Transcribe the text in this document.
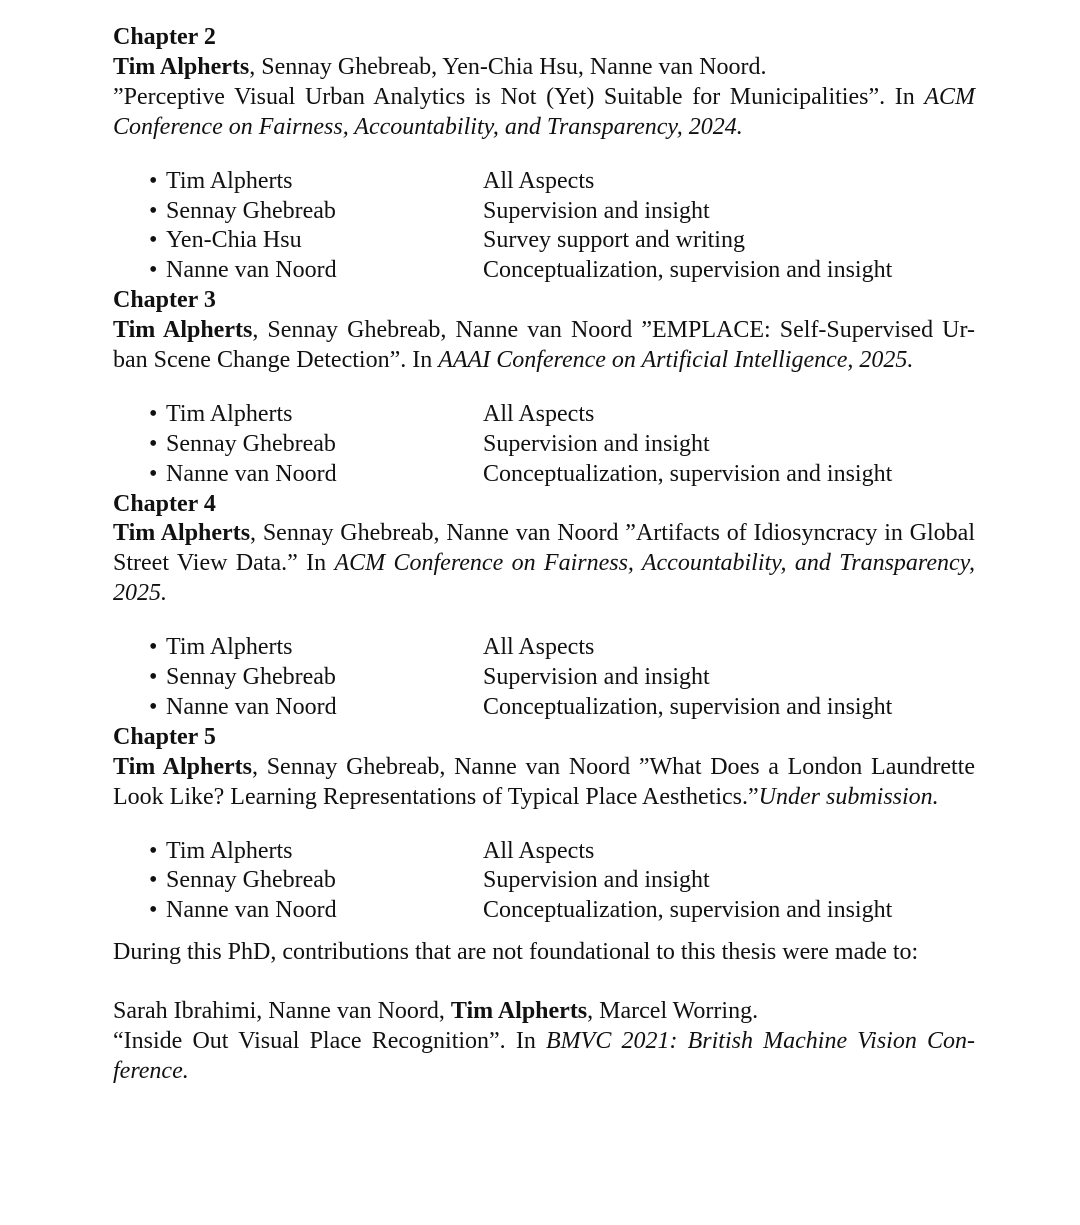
Chapter 2
Tim Alpherts, Sennay Ghebreab, Yen-Chia Hsu, Nanne van Noord.
”Perceptive Visual Urban Analytics is Not (Yet) Suitable for Municipalities”. In ACM
Conference on Fairness, Accountability, and Transparency, 2024.
• Tim Alpherts	All Aspects
• Sennay Ghebreab	Supervision and insight
• Yen-Chia Hsu	Survey support and writing
• Nanne van Noord	Conceptualization, supervision and insight
Chapter 3
Tim Alpherts, Sennay Ghebreab, Nanne van Noord ”EMPLACE: Self-Supervised Ur-
ban Scene Change Detection”. In AAAI Conference on Artificial Intelligence, 2025.
• Tim Alpherts	All Aspects
• Sennay Ghebreab	Supervision and insight
• Nanne van Noord	Conceptualization, supervision and insight
Chapter 4
Tim Alpherts, Sennay Ghebreab, Nanne van Noord ”Artifacts of Idiosyncracy in Global
Street View Data.” In ACM Conference on Fairness, Accountability, and Transparency,
2025.
• Tim Alpherts	All Aspects
• Sennay Ghebreab	Supervision and insight
• Nanne van Noord	Conceptualization, supervision and insight
Chapter 5
Tim Alpherts, Sennay Ghebreab, Nanne van Noord ”What Does a London Laundrette
Look Like? Learning Representations of Typical Place Aesthetics.”Under submission.
• Tim Alpherts	All Aspects
• Sennay Ghebreab	Supervision and insight
• Nanne van Noord	Conceptualization, supervision and insight
During this PhD, contributions that are not foundational to this thesis were made to:
Sarah Ibrahimi, Nanne van Noord, Tim Alpherts, Marcel Worring.
“Inside Out Visual Place Recognition”. In BMVC 2021: British Machine Vision Con-
ference.
